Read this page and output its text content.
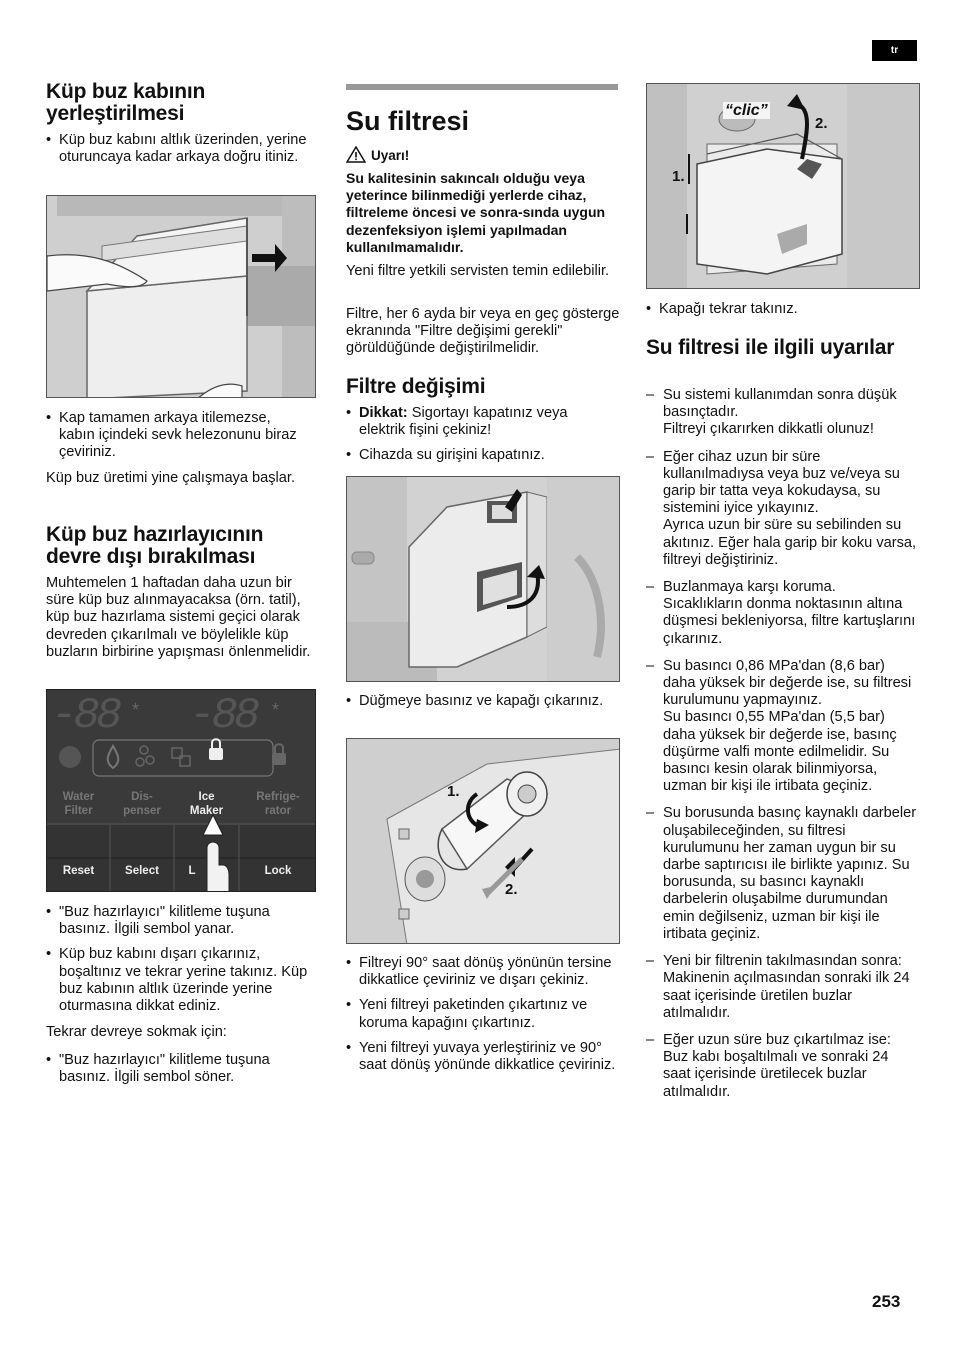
tr
Küp buz kabının yerleştirilmesi
• Küp buz kabını altlık üzerinden, yerine oturuncaya kadar arkaya doğru itiniz.
• Kap tamamen arkaya itilemezse, kabın içindeki sevk helezonunu biraz çeviriniz.

Küp buz üretimi yine çalışmaya başlar.

Küp buz hazırlayıcının devre dışı bırakılması

Muhtemelen 1 haftadan daha uzun bir süre küp buz alınmayacaksa (örn. tatil), küp buz hazırlama sistemi geçici olarak devreden çıkarılmalı ve böylelikle küp buzların birbirine yapışması önlenmelidir.

*	*
-88 -88
Water
Filter
Dis-
penser
Ice
Maker
Refrige-
rator
Reset	Select	L	Lock
• "Buz hazırlayıcı" kilitleme tuşuna basınız. İlgili sembol yanar.
• Küp buz kabını dışarı çıkarınız, boşaltınız ve tekrar yerine takınız. Küp buz kabının altlık üzerinde yerine oturmasına dikkat ediniz.

Tekrar devreye sokmak için:

• "Buz hazırlayıcı" kilitleme tuşuna basınız. İlgili sembol söner.
Su filtresi
Uyarı!

Su kalitesinin sakıncalı olduğu veya yeterince bilinmediği yerlerde cihaz, filtreleme öncesi ve sonra-sında uygun dezenfeksiyon işlemi yapılmadan kullanılmamalıdır.

Yeni filtre yetkili servisten temin edilebilir.

Filtre, her 6 ayda bir veya en geç gösterge ekranında "Filtre değişimi gerekli" görüldüğünde değiştirilmelidir.

Filtre değişimi
• Dikkat: Sigortayı kapatınız veya elektrik fişini çekiniz!
• Cihazda su girişini kapatınız.
• Düğmeye basınız ve kapağı çıkarınız.
1.
2.
• Filtreyi 90° saat dönüş yönünün tersine dikkatlice çeviriniz ve dışarı çekiniz.
• Yeni filtreyi paketinden çıkartınız ve koruma kapağını çıkartınız.
• Yeni filtreyi yuvaya yerleştiriniz ve 90° saat dönüş yönünde dikkatlice çeviriniz.
“clic”
1.
2.
• Kapağı tekrar takınız.
Su filtresi ile ilgili uyarılar
– Su sistemi kullanımdan sonra düşük basınçtadır.
Filtreyi çıkarırken dikkatli olunuz!
– Eğer cihaz uzun bir süre kullanılmadıysa veya buz ve/veya su garip bir tatta veya kokudaysa, su sistemini iyice yıkayınız.
Ayrıca uzun bir süre su sebilinden su akıtınız. Eğer hala garip bir koku varsa, filtreyi değiştiriniz.
– Buzlanmaya karşı koruma.
Sıcaklıkların donma noktasının altına düşmesi bekleniyorsa, filtre kartuşlarını çıkarınız.
– Su basıncı 0,86 MPa'dan (8,6 bar) daha yüksek bir değerde ise, su filtresi kurulumunu yapmayınız.
Su basıncı 0,55 MPa'dan (5,5 bar) daha yüksek bir değerde ise, basınç düşürme valfi monte edilmelidir. Su basıncı kesin olarak bilinmiyorsa, uzman bir kişi ile irtibata geçiniz.
– Su borusunda basınç kaynaklı darbeler oluşabileceğinden, su filtresi kurulumunu her zaman uygun bir su darbe saptırıcısı ile birlikte yapınız. Su borusunda, su basıncı kaynaklı darbelerin oluşabilme durumundan emin değilseniz, uzman bir kişi ile irtibata geçiniz.
– Yeni bir filtrenin takılmasından sonra: Makinenin açılmasından sonraki ilk 24 saat içerisinde üretilen buzlar atılmalıdır.
– Eğer uzun süre buz çıkartılmaz ise: Buz kabı boşaltılmalı ve sonraki 24 saat içerisinde üretilecek buzlar atılmalıdır.
253
